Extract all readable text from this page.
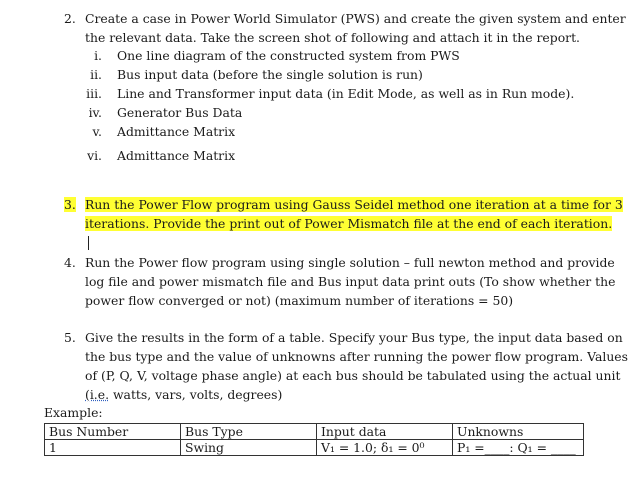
2. Create a case in Power World Simulator (PWS) and create the given system and enter
the relevant data. Take the screen shot of following and attach it in the report.
i. One line diagram of the constructed system from PWS
ii. Bus input data (before the single solution is run)
iii. Line and Transformer input data (in Edit Mode, as well as in Run mode).
iv. Generator Bus Data
v. Admittance Matrix
vi. Admittance Matrix
3. Run the Power Flow program using Gauss Seidel method one iteration at a time for 3
iterations. Provide the print out of Power Mismatch file at the end of each iteration.
4. Run the Power flow program using single solution – full newton method and provide
log file and power mismatch file and Bus input data print outs (To show whether the
power flow converged or not) (maximum number of iterations = 50)
5. Give the results in the form of a table. Specify your Bus type, the input data based on
the bus type and the value of unknowns after running the power flow program. Values
of (P, Q, V, voltage phase angle) at each bus should be tabulated using the actual unit
(i.e. watts, vars, volts, degrees)
Example:
Bus Number	Bus Type	Input data	Unknowns
1	Swing	V₁ = 1.0; δ₁ = 0⁰	P₁ =____: Q₁ = ____
